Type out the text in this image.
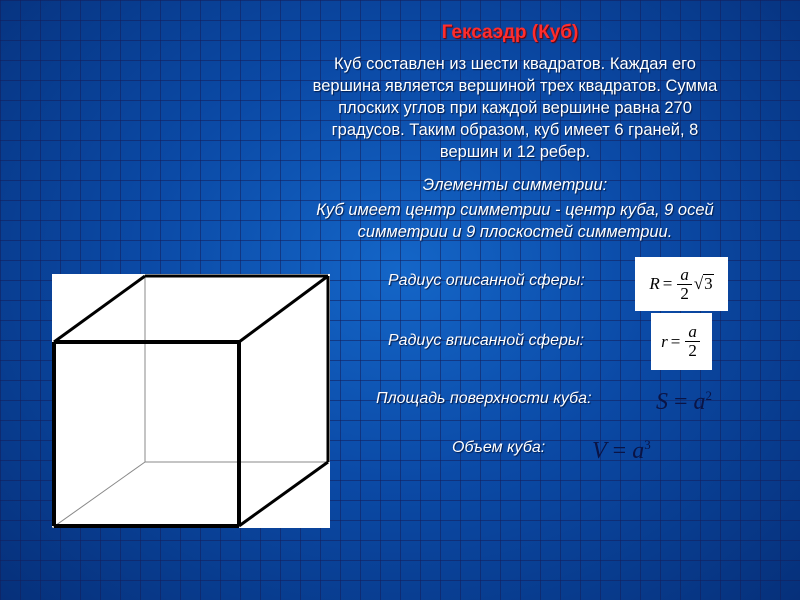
Гексаэдр (Куб)
Куб составлен из шести квадратов. Каждая его
вершина является вершиной трех квадратов. Сумма
плоских углов при каждой вершине равна 270
градусов. Таким образом, куб имеет 6 граней, 8
вершин и 12 ребер.
Элементы симметрии:
Куб имеет центр симметрии - центр куба, 9 осей
симметрии и 9 плоскостей симметрии.
Радиус описанной сферы:	$R = \frac{a}{2}$ √ 3
Радиус вписанной сферы:	$r = \frac{a}{2}$
Площадь поверхности куба:	$S = a^2$
Объем куба: $V = a^3$
